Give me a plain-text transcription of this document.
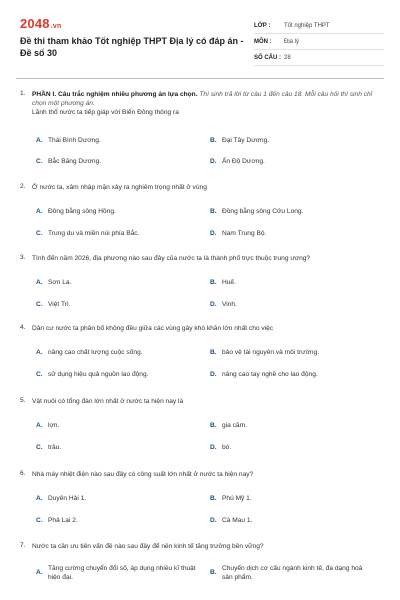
2048.vn
Đề thi tham khảo Tốt nghiệp THPT Địa lý có đáp án - Đề số 30
LỚP :	Tốt nghiệp THPT
MÔN :	Địa lý
SỐ CÂU : 28
1. PHẦN I. Câu trắc nghiệm nhiều phương án lựa chọn. Thí sinh trả lời từ câu 1 đến câu 18. Mỗi câu hỏi thí sinh chỉ chọn một phương án.
Lãnh thổ nước ta tiếp giáp với Biển Đông thông ra
A. Thái Bình Dương.	B. Đại Tây Dương.
C. Bắc Băng Dương.	D. Ấn Độ Dương.
2. Ở nước ta, xâm nhập mặn xảy ra nghiêm trọng nhất ở vùng
A. Đồng bằng sông Hồng.	B. Đồng bằng sông Cửu Long.
C. Trung du và miền núi phía Bắc.	D. Nam Trung Bộ.
3. Tính đến năm 2026, địa phương nào sau đây của nước ta là thành phố trực thuộc trung ương?
A. Sơn La.	B. Huế.
C. Việt Trì.	D. Vinh.
4. Dân cư nước ta phân bố không đều giữa các vùng gây khó khăn lớn nhất cho việc
A. nâng cao chất lượng cuộc sống.	B. bảo vệ tài nguyên và môi trường.
C. sử dụng hiệu quả nguồn lao động.	D. nâng cao tay nghề cho lao động.
5. Vật nuôi có tổng đàn lớn nhất ở nước ta hiện nay là
A. lợn.	B. gia cầm.
C. trâu.	D. bò.
6. Nhà máy nhiệt điện nào sau đây có công suất lớn nhất ở nước ta hiện nay?
A. Duyên Hải 1.	B. Phú Mỹ 1.
C. Phả Lại 2.	D. Cà Mau 1.
7. Nước ta cần ưu tiên vấn đề nào sau đây để nền kinh tế tăng trưởng bền vững?
A.
Tăng cường chuyển đổi số, áp dụng nhiều kĩ thuật hiện đại.
B.
Chuyển dịch cơ cấu ngành kinh tế, đa dạng hoá sản phẩm.
